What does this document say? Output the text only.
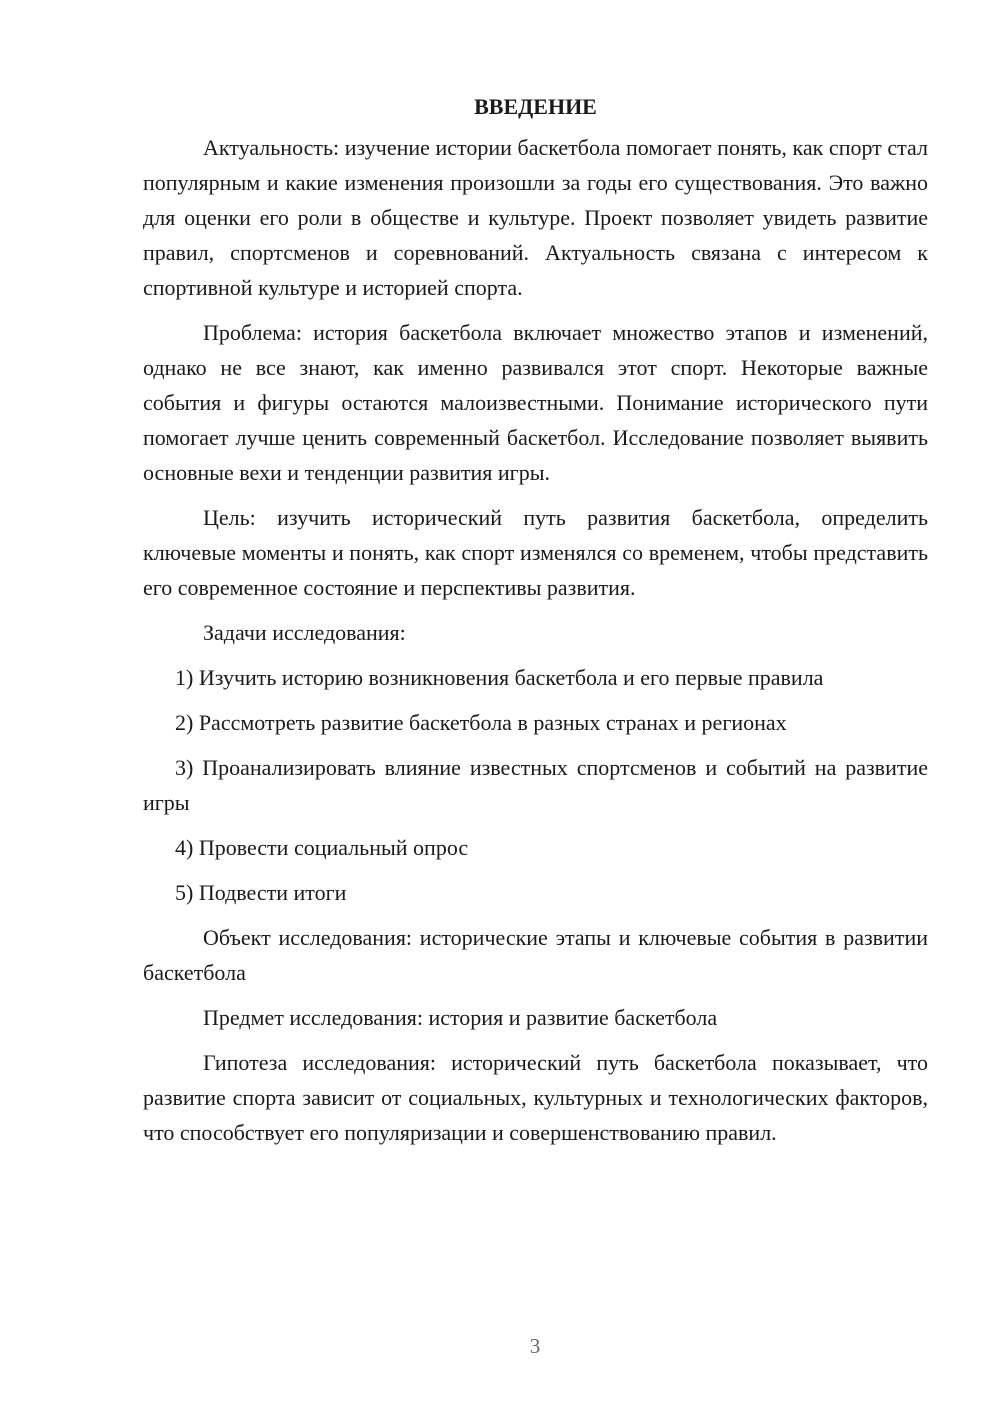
ВВЕДЕНИЕ

Актуальность: изучение истории баскетбола помогает понять, как спорт стал популярным и какие изменения произошли за годы его существования. Это важно для оценки его роли в обществе и культуре. Проект позволяет увидеть развитие правил, спортсменов и соревнований. Актуальность связана с интересом к спортивной культуре и историей спорта.

Проблема: история баскетбола включает множество этапов и изменений, однако не все знают, как именно развивался этот спорт. Некоторые важные события и фигуры остаются малоизвестными. Понимание исторического пути помогает лучше ценить современный баскетбол. Исследование позволяет выявить основные вехи и тенденции развития игры.

Цель: изучить исторический путь развития баскетбола, определить ключевые моменты и понять, как спорт изменялся со временем, чтобы представить его современное состояние и перспективы развития.

Задачи исследования:

1) Изучить историю возникновения баскетбола и его первые правила

2) Рассмотреть развитие баскетбола в разных странах и регионах

3) Проанализировать влияние известных спортсменов и событий на развитие игры

4) Провести социальный опрос

5) Подвести итоги

Объект исследования: исторические этапы и ключевые события в развитии баскетбола

Предмет исследования: история и развитие баскетбола

Гипотеза исследования: исторический путь баскетбола показывает, что развитие спорта зависит от социальных, культурных и технологических факторов, что способствует его популяризации и совершенствованию правил.

3
